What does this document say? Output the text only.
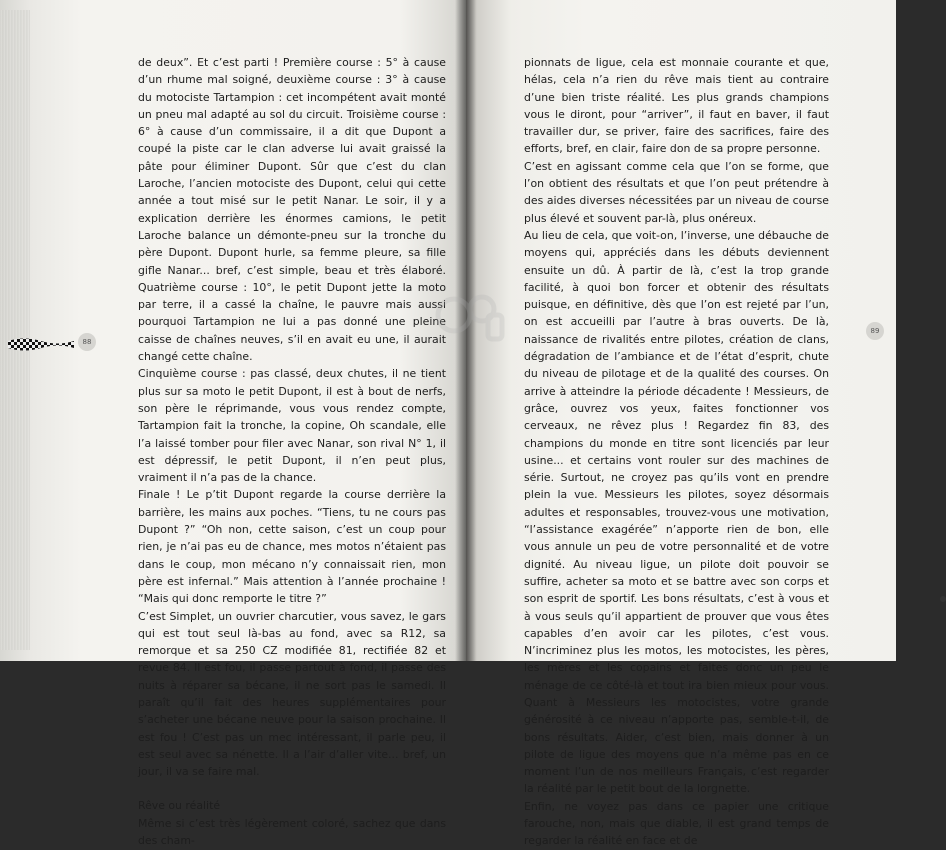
88

de deux”. Et c’est parti ! Première course : 5° à cause d’un rhume mal soigné, deuxième course : 3° à cause du motociste Tartampion : cet incompétent avait monté un pneu mal adapté au sol du circuit. Troisième course : 6° à cause d’un commissaire, il a dit que Dupont a coupé la piste car le clan adverse lui avait graissé la pâte pour éliminer Dupont. Sûr que c’est du clan Laroche, l’ancien motociste des Dupont, celui qui cette année a tout misé sur le petit Nanar. Le soir, il y a explication derrière les énormes camions, le petit Laroche balance un démonte-pneu sur la tronche du père Dupont. Dupont hurle, sa femme pleure, sa fille gifle Nanar... bref, c’est simple, beau et très élaboré. Quatrième course : 10°, le petit Dupont jette la moto par terre, il a cassé la chaîne, le pauvre mais aussi pourquoi Tartampion ne lui a pas donné une pleine caisse de chaînes neuves, s’il en avait eu une, il aurait changé cette chaîne.

Cinquième course : pas classé, deux chutes, il ne tient plus sur sa moto le petit Dupont, il est à bout de nerfs, son père le réprimande, vous vous rendez compte, Tartampion fait la tronche, la copine, Oh scandale, elle l’a laissé tomber pour filer avec Nanar, son rival N° 1, il est dépressif, le petit Dupont, il n’en peut plus, vraiment il n’a pas de la chance.

Finale ! Le p’tit Dupont regarde la course derrière la barrière, les mains aux poches. “Tiens, tu ne cours pas Dupont ?” “Oh non, cette saison, c’est un coup pour rien, je n’ai pas eu de chance, mes motos n’étaient pas dans le coup, mon mécano n’y connaissait rien, mon père est infernal.” Mais attention à l’année prochaine ! “Mais qui donc remporte le titre ?”

C’est Simplet, un ouvrier charcutier, vous savez, le gars qui est tout seul là-bas au fond, avec sa R12, sa remorque et sa 250 CZ modifiée 81, rectifiée 82 et revue 84. Il est fou, il passe partout à fond, il passe des nuits à réparer sa bécane, il ne sort pas le samedi. Il paraît qu’il fait des heures supplémentaires pour s’acheter une bécane neuve pour la saison prochaine. Il est fou ! C’est pas un mec intéressant, il parle peu, il est seul avec sa nénette. Il a l’air d’aller vite... bref, un jour, il va se faire mal.

Rêve ou réalité

Même si c’est très légèrement coloré, sachez que dans des cham-

89

pionnats de ligue, cela est monnaie courante et que, hélas, cela n’a rien du rêve mais tient au contraire d’une bien triste réalité. Les plus grands champions vous le diront, pour “arriver”, il faut en baver, il faut travailler dur, se priver, faire des sacrifices, faire des efforts, bref, en clair, faire don de sa propre personne.

C’est en agissant comme cela que l’on se forme, que l’on obtient des résultats et que l’on peut prétendre à des aides diverses nécessitées par un niveau de course plus élevé et souvent par-là, plus onéreux.

Au lieu de cela, que voit-on, l’inverse, une débauche de moyens qui, appréciés dans les débuts deviennent ensuite un dû. À partir de là, c’est la trop grande facilité, à quoi bon forcer et obtenir des résultats puisque, en définitive, dès que l’on est rejeté par l’un, on est accueilli par l’autre à bras ouverts. De là, naissance de rivalités entre pilotes, création de clans, dégradation de l’ambiance et de l’état d’esprit, chute du niveau de pilotage et de la qualité des courses. On arrive à atteindre la période décadente ! Messieurs, de grâce, ouvrez vos yeux, faites fonctionner vos cerveaux, ne rêvez plus ! Regardez fin 83, des champions du monde en titre sont licenciés par leur usine... et certains vont rouler sur des machines de série. Surtout, ne croyez pas qu’ils vont en prendre plein la vue. Messieurs les pilotes, soyez désormais adultes et responsables, trouvez-vous une motivation, “l’assistance exagérée” n’apporte rien de bon, elle vous annule un peu de votre personnalité et de votre dignité. Au niveau ligue, un pilote doit pouvoir se suffire, acheter sa moto et se battre avec son corps et son esprit de sportif. Les bons résultats, c’est à vous et à vous seuls qu’il appartient de prouver que vous êtes capables d’en avoir car les pilotes, c’est vous. N’incriminez plus les motos, les motocistes, les pères, les mères et les copains et faites donc un peu le ménage de ce côté-là et tout ira bien mieux pour vous. Quant à Messieurs les motocistes, votre grande générosité à ce niveau n’apporte pas, semble-t-il, de bons résultats. Aider, c’est bien, mais donner à un pilote de ligue des moyens que n’a même pas en ce moment l’un de nos meilleurs Français, c’est regarder la réalité par le petit bout de la lorgnette.

Enfin, ne voyez pas dans ce papier une critique farouche, non, mais que diable, il est grand temps de regarder la réalité en face et de
